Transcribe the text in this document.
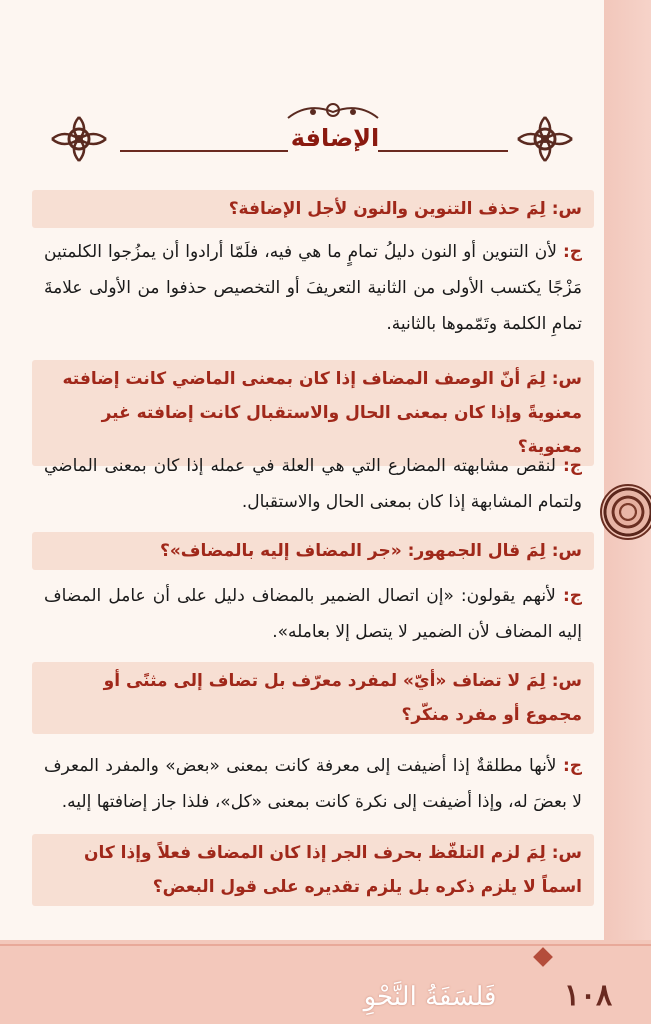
الإضافة
س: لِمَ حذف التنوين والنون لأجل الإضافة؟
ج: لأن التنوين أو النون دليلُ تمامٍ ما هي فيه، فلَمّا أرادوا أن يمزُجوا الكلمتين مَزْجًا يكتسب الأولى من الثانية التعريفَ أو التخصيص حذفوا من الأولى علامةَ تمامِ الكلمة وتَمّموها بالثانية.
س: لِمَ أنّ الوصف المضاف إذا كان بمعنى الماضي كانت إضافته معنويةً وإذا كان بمعنى الحال والاستقبال كانت إضافته غير معنوية؟
ج: لنقص مشابهته المضارع التي هي العلة في عمله إذا كان بمعنى الماضي ولتمام المشابهة إذا كان بمعنى الحال والاستقبال.
س: لِمَ قال الجمهور: «جر المضاف إليه بالمضاف»؟
ج: لأنهم يقولون: «إن اتصال الضمير بالمضاف دليل على أن عامل المضاف إليه المضاف لأن الضمير لا يتصل إلا بعامله».
س: لِمَ لا تضاف «أيّ» لمفرد معرّف بل تضاف إلى مثنًى أو مجموع أو مفرد منكّر؟
ج: لأنها مطلقةٌ إذا أضيفت إلى معرفة كانت بمعنى «بعض» والمفرد المعرف لا بعضَ له، وإذا أضيفت إلى نكرة كانت بمعنى «كل»، فلذا جاز إضافتها إليه.
س: لِمَ لزم التلفّظ بحرف الجر إذا كان المضاف فعلاً وإذا كان اسماً لا يلزم ذكره بل يلزم تقديره على قول البعض؟
فَلسَفَةُ النَّحْوِ	١٠٨
